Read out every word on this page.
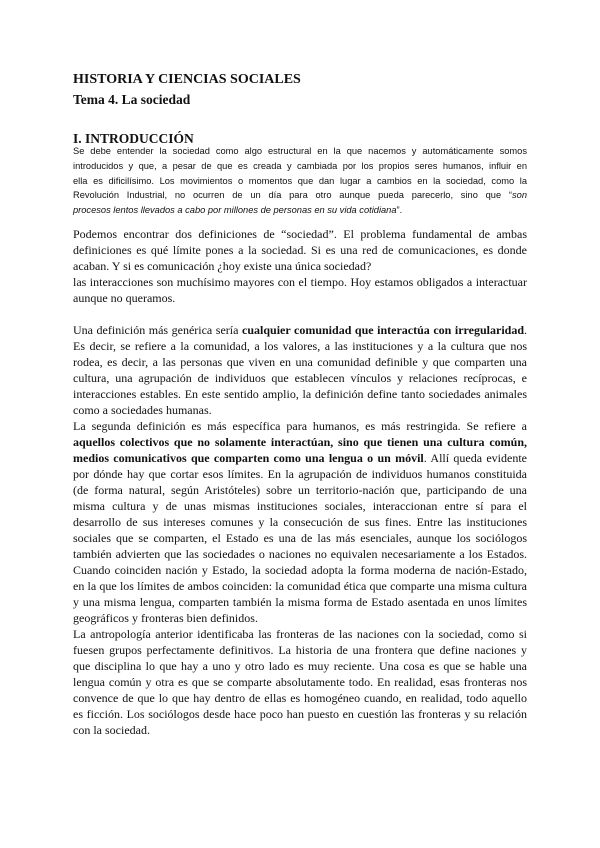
HISTORIA Y CIENCIAS SOCIALES
Tema 4. La sociedad
I. INTRODUCCIÓN
Se debe entender la sociedad como algo estructural en la que nacemos y automáticamente somos
introducidos y que, a pesar de que es creada y cambiada por los propios seres humanos, influir en
ella es dificilísimo. Los movimientos o momentos que dan lugar a cambios en la sociedad, como la
Revolución Industrial, no ocurren de un día para otro aunque pueda parecerlo, sino que “son
procesos lentos llevados a cabo por millones de personas en su vida cotidiana”.
Podemos encontrar dos definiciones de “sociedad”. El problema fundamental de ambas
definiciones es qué límite pones a la sociedad. Si es una red de comunicaciones, es donde
acaban. Y si es comunicación ¿hoy existe una única sociedad?
las interacciones son muchísimo mayores con el tiempo. Hoy estamos obligados a interactuar
aunque no queramos.
Una definición más genérica sería cualquier comunidad que interactúa con irregularidad.
Es decir, se refiere a la comunidad, a los valores, a las instituciones y a la cultura que nos
rodea, es decir, a las personas que viven en una comunidad definible y que comparten una
cultura, una agrupación de individuos que establecen vínculos y relaciones recíprocas, e
interacciones estables. En este sentido amplio, la definición define tanto sociedades animales
como a sociedades humanas.
La segunda definición es más específica para humanos, es más restringida. Se refiere a
aquellos colectivos que no solamente interactúan, sino que tienen una cultura común,
medios comunicativos que comparten como una lengua o un móvil. Allí queda evidente
por dónde hay que cortar esos límites. En la agrupación de individuos humanos constituida
(de forma natural, según Aristóteles) sobre un territorio-nación que, participando de una
misma cultura y de unas mismas instituciones sociales, interaccionan entre sí para el
desarrollo de sus intereses comunes y la consecución de sus fines. Entre las instituciones
sociales que se comparten, el Estado es una de las más esenciales, aunque los sociólogos
también advierten que las sociedades o naciones no equivalen necesariamente a los Estados.
Cuando coinciden nación y Estado, la sociedad adopta la forma moderna de nación-Estado,
en la que los límites de ambos coinciden: la comunidad ética que comparte una misma cultura
y una misma lengua, comparten también la misma forma de Estado asentada en unos límites
geográficos y fronteras bien definidos.
La antropología anterior identificaba las fronteras de las naciones con la sociedad, como si
fuesen grupos perfectamente definitivos. La historia de una frontera que define naciones y
que disciplina lo que hay a uno y otro lado es muy reciente. Una cosa es que se hable una
lengua común y otra es que se comparte absolutamente todo. En realidad, esas fronteras nos
convence de que lo que hay dentro de ellas es homogéneo cuando, en realidad, todo aquello
es ficción. Los sociólogos desde hace poco han puesto en cuestión las fronteras y su relación
con la sociedad.
